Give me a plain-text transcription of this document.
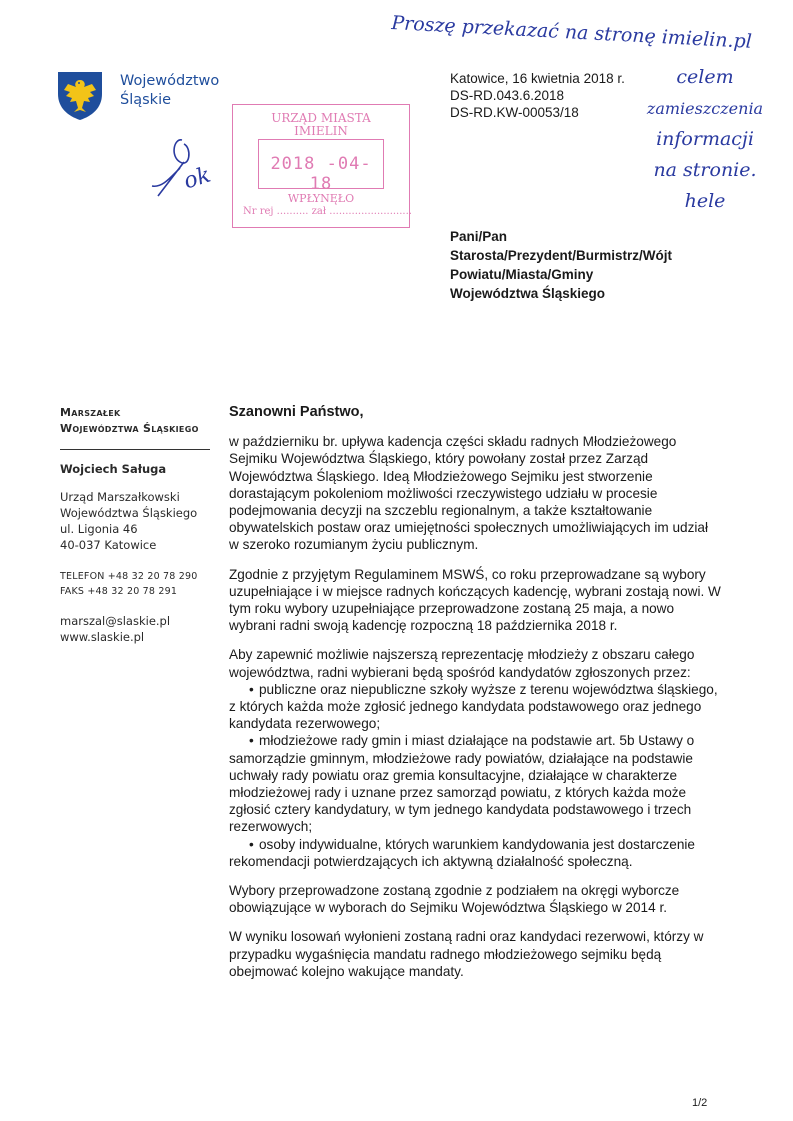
Proszę przekazać na stronę imielin.pl
celem
zamieszczenia
informacji
na stronie.
hele
ok
Województwo
Śląskie
Katowice, 16 kwietnia 2018 r.
DS-RD.043.6.2018
DS-RD.KW-00053/18
URZĄD MIASTA
IMIELIN
2018 -04- 18
WPŁYNĘŁO
Nr rej .......... zał ..........................
Pani/Pan
Starosta/Prezydent/Burmistrz/Wójt
Powiatu/Miasta/Gminy
Województwa Śląskiego
Marszałek
Województwa Śląskiego
Wojciech Saługa
Urząd Marszałkowski
Województwa Śląskiego
ul. Ligonia 46
40-037 Katowice
TELEFON +48 32 20 78 290
FAKS +48 32 20 78 291
marszal@slaskie.pl
www.slaskie.pl
Szanowni Państwo,

w październiku br. upływa kadencja części składu radnych Młodzieżowego Sejmiku Województwa Śląskiego, który powołany został przez Zarząd Województwa Śląskiego. Ideą Młodzieżowego Sejmiku jest stworzenie dorastającym pokoleniom możliwości rzeczywistego udziału w procesie podejmowania decyzji na szczeblu regionalnym, a także kształtowanie obywatelskich postaw oraz umiejętności społecznych umożliwiających im udział w szeroko rozumianym życiu publicznym.

Zgodnie z przyjętym Regulaminem MSWŚ, co roku przeprowadzane są wybory uzupełniające i w miejsce radnych kończących kadencję, wybrani zostają nowi. W tym roku wybory uzupełniające przeprowadzone zostaną 25 maja, a nowo wybrani radni swoją kadencję rozpoczną 18 października 2018 r.

Aby zapewnić możliwie najszerszą reprezentację młodzieży z obszaru całego województwa, radni wybierani będą spośród kandydatów zgłoszonych przez:

• publiczne oraz niepubliczne szkoły wyższe z terenu województwa śląskiego, z których każda może zgłosić jednego kandydata podstawowego oraz jednego kandydata rezerwowego;
• młodzieżowe rady gmin i miast działające na podstawie art. 5b Ustawy o samorządzie gminnym, młodzieżowe rady powiatów, działające na podstawie uchwały rady powiatu oraz gremia konsultacyjne, działające w charakterze młodzieżowej rady i uznane przez samorząd powiatu, z których każda może zgłosić cztery kandydatury, w tym jednego kandydata podstawowego i trzech rezerwowych;
• osoby indywidualne, których warunkiem kandydowania jest dostarczenie rekomendacji potwierdzających ich aktywną działalność społeczną.

Wybory przeprowadzone zostaną zgodnie z podziałem na okręgi wyborcze obowiązujące w wyborach do Sejmiku Województwa Śląskiego w 2014 r.

W wyniku losowań wyłonieni zostaną radni oraz kandydaci rezerwowi, którzy w przypadku wygaśnięcia mandatu radnego młodzieżowego sejmiku będą obejmować kolejno wakujące mandaty.

1/2
